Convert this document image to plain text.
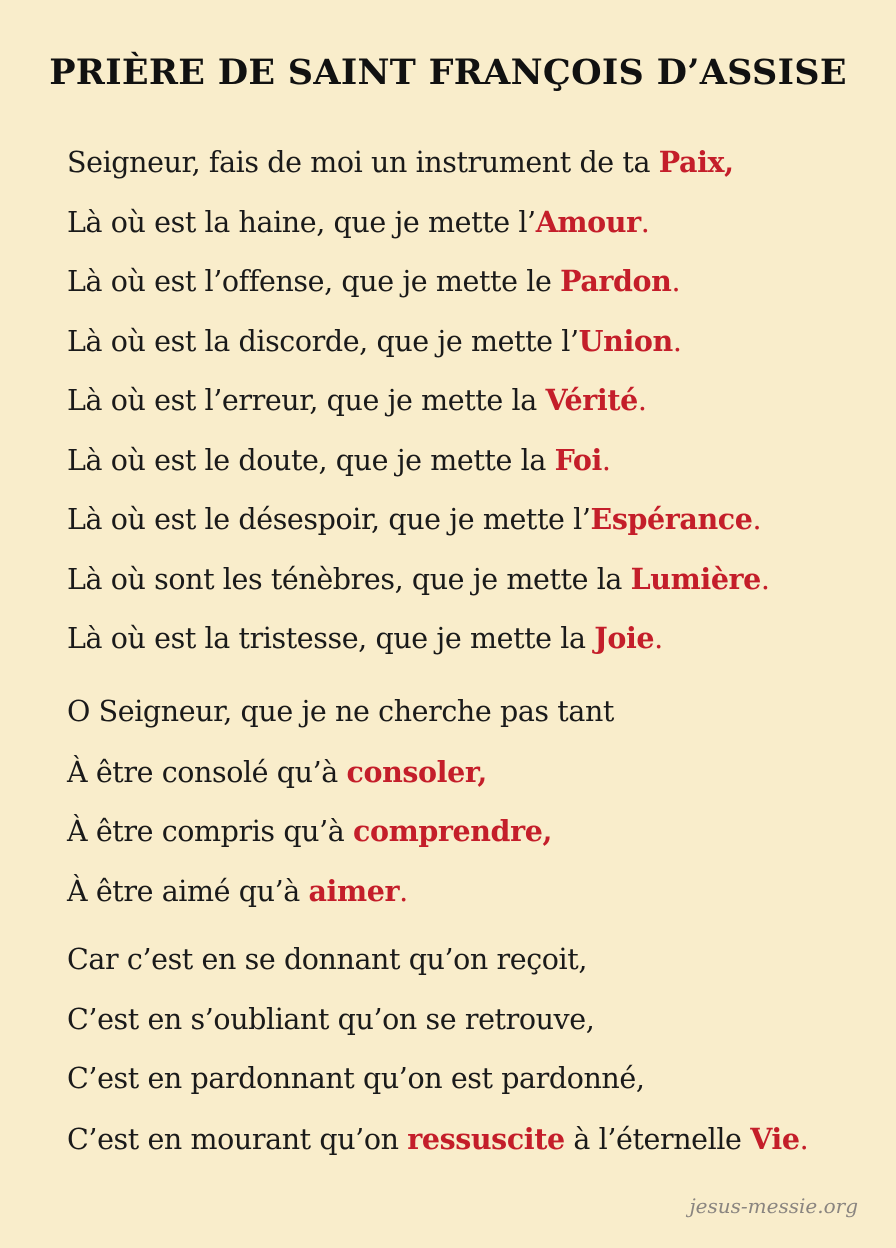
PRIÈRE DE SAINT FRANÇOIS D’ASSISE
Seigneur, fais de moi un instrument de ta Paix,
Là où est la haine, que je mette l’Amour.
Là où est l’offense, que je mette le Pardon.
Là où est la discorde, que je mette l’Union.
Là où est l’erreur, que je mette la Vérité.
Là où est le doute, que je mette la Foi.
Là où est le désespoir, que je mette l’Espérance.
Là où sont les ténèbres, que je mette la Lumière.
Là où est la tristesse, que je mette la Joie.
O Seigneur, que je ne cherche pas tant
À être consolé qu’à consoler,
À être compris qu’à comprendre,
À être aimé qu’à aimer.
Car c’est en se donnant qu’on reçoit,
C’est en s’oubliant qu’on se retrouve,
C’est en pardonnant qu’on est pardonné,
C’est en mourant qu’on ressuscite à l’éternelle Vie.
jesus-messie.org
